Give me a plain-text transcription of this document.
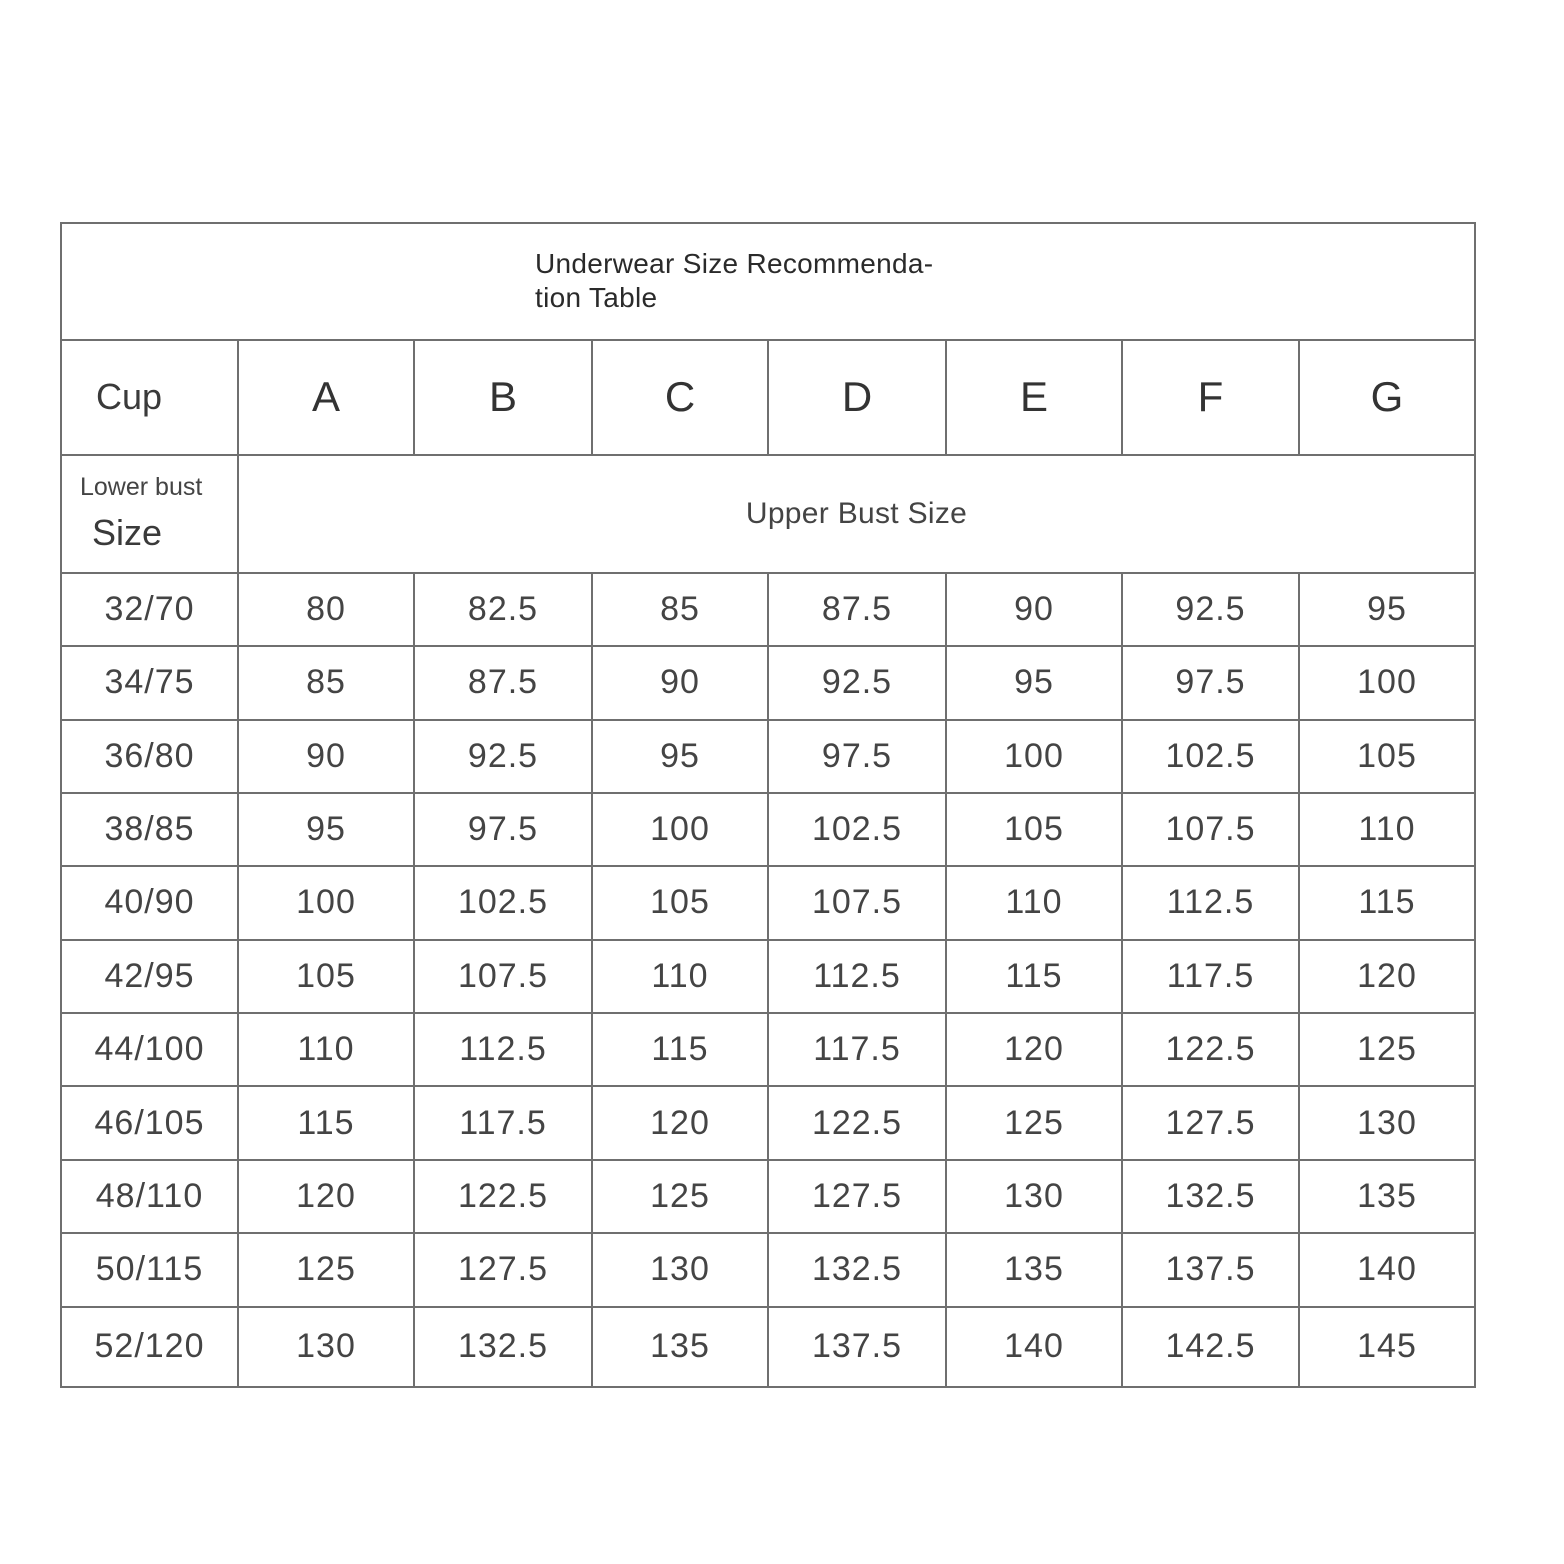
Underwear Size Recommenda-
tion Table							

Cup	A	B	C	D	E	F	G

Lower bust
Size	Upper Bust Size						
32/70	80	82.5	85	87.5	90	92.5	95
34/75	85	87.5	90	92.5	95	97.5	100
36/80	90	92.5	95	97.5	100	102.5	105
38/85	95	97.5	100	102.5	105	107.5	110
40/90	100	102.5	105	107.5	110	112.5	115
42/95	105	107.5	110	112.5	115	117.5	120
44/100	110	112.5	115	117.5	120	122.5	125
46/105	115	117.5	120	122.5	125	127.5	130
48/110	120	122.5	125	127.5	130	132.5	135
50/115	125	127.5	130	132.5	135	137.5	140
52/120	130	132.5	135	137.5	140	142.5	145
